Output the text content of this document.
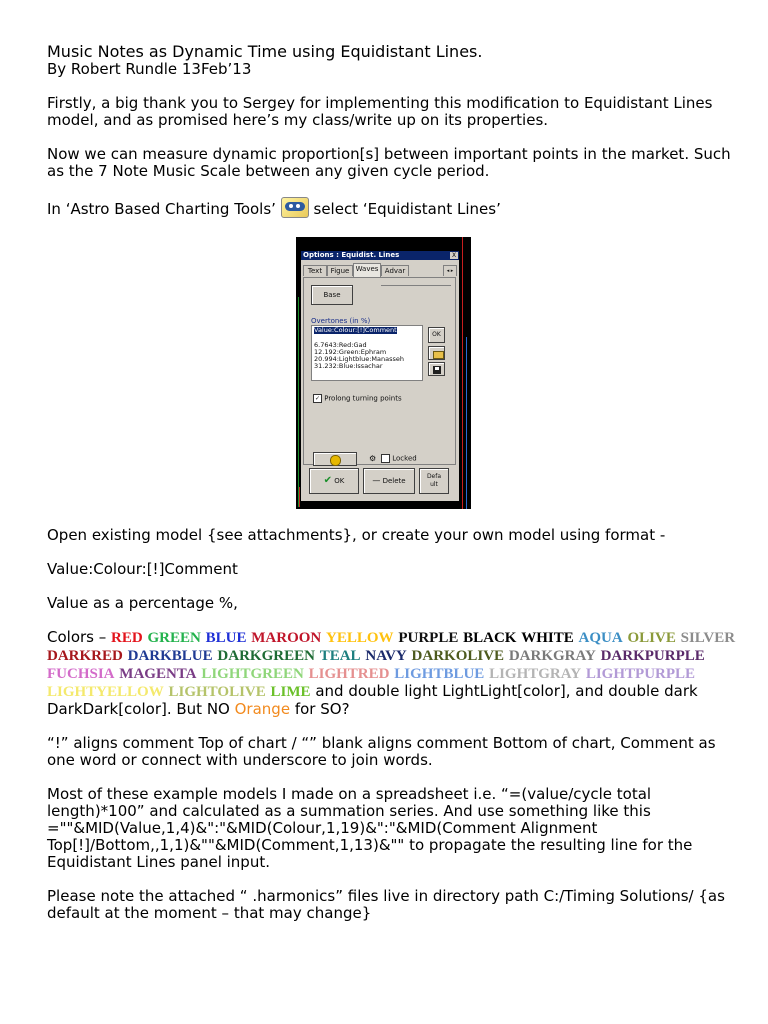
Music Notes as Dynamic Time using Equidistant Lines.

By Robert Rundle 13Feb’13

Firstly, a big thank you to Sergey for implementing this modification to Equidistant Lines model, and as promised here’s my class/write up on its properties.

Now we can measure dynamic proportion[s] between important points in the market. Such as the 7 Note Music Scale between any given cycle period.

In ‘Astro Based Charting Tools’	select ‘Equidistant Lines’

Open existing model {see attachments}, or create your own model using format -

Value:Colour:[!]Comment

Value as a percentage %,

Colors – RED GREEN BLUE MAROON YELLOW PURPLE BLACK WHITE AQUA OLIVE SILVER DARKRED DARKBLUE DARKGREEN TEAL NAVY DARKOLIVE DARKGRAY DARKPURPLE FUCHSIA MAGENTA LIGHTGREEN LIGHTRED LIGHTBLUE LIGHTGRAY LIGHTPURPLE LIGHTYELLOW LIGHTOLIVE LIME and double light LightLight[color], and double dark DarkDark[color]. But NO Orange for SO?

“!” aligns comment Top of chart / “” blank aligns comment Bottom of chart, Comment as one word or connect with underscore to join words.

Most of these example models I made on a spreadsheet i.e. “=(value/cycle total length)*100” and calculated as a summation series. And use something like this =""&MID(Value,1,4)&":"&MID(Colour,1,19)&":"&MID(Comment Alignment Top[!]/Bottom,,1,1)&""&MID(Comment,1,13)&"" to propagate the resulting line for the Equidistant Lines panel input.

Please note the attached “ .harmonics” files live in directory path C:/Timing Solutions/ {as default at the moment – that may change}

Options : Equidist. Lines	X
Text	Figue Waves Advar	◂ ▸
Base
Overtones (in %)
Value:Colour:[!]Comment
6.7643:Red:Gad
12.192:Green:Ephram
20.994:Lightblue:Manasseh
31.232:Blue:Issachar
OK
✓ Prolong turning points
⚙	Locked
✔ OK	— Delete
Defa
ult
